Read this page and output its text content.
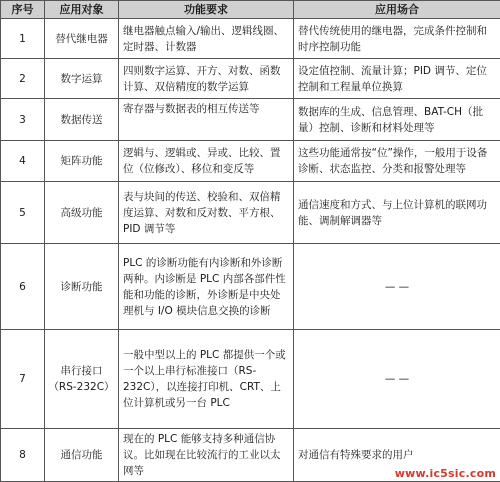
序号	应用对象	功能要求	应用场合
1	替代继电器	继电器触点输入/输出、逻辑线圈、定时器、计数器	替代传统使用的继电器，完成条件控制和时序控制功能
2	数字运算	四则数字运算、开方、对数、函数计算、双倍精度的数学运算	设定值控制、流量计算；PID 调节、定位控制和工程量单位换算
3	数据传送	寄存器与数据表的相互传送等	数据库的生成、信息管理、BAT-CH（批量）控制、诊断和材料处理等
4	矩阵功能	逻辑与、逻辑或、异或、比较、置位（位修改）、移位和变反等	这些功能通常按“位”操作，一般用于设备诊断、状态监控、分类和报警处理等
5	高级功能	表与块间的传送、校验和、双倍精度运算、对数和反对数、平方根、PID 调节等	通信速度和方式、与上位计算机的联网功能、调制解调器等
6	诊断功能	PLC 的诊断功能有内诊断和外诊断两种。内诊断是 PLC 内部各部件性能和功能的诊断，外诊断是中央处理机与 I/O 模块信息交换的诊断	— —
7	串行接口（RS-232C）	一般中型以上的 PLC 都提供一个或一个以上串行标准接口（RS-232C），以连接打印机、CRT、上位计算机或另一台 PLC	— —
8	通信功能	现在的 PLC 能够支持多种通信协议。比如现在比较流行的工业以太网等	对通信有特殊要求的用户
www.ic5sic.com
